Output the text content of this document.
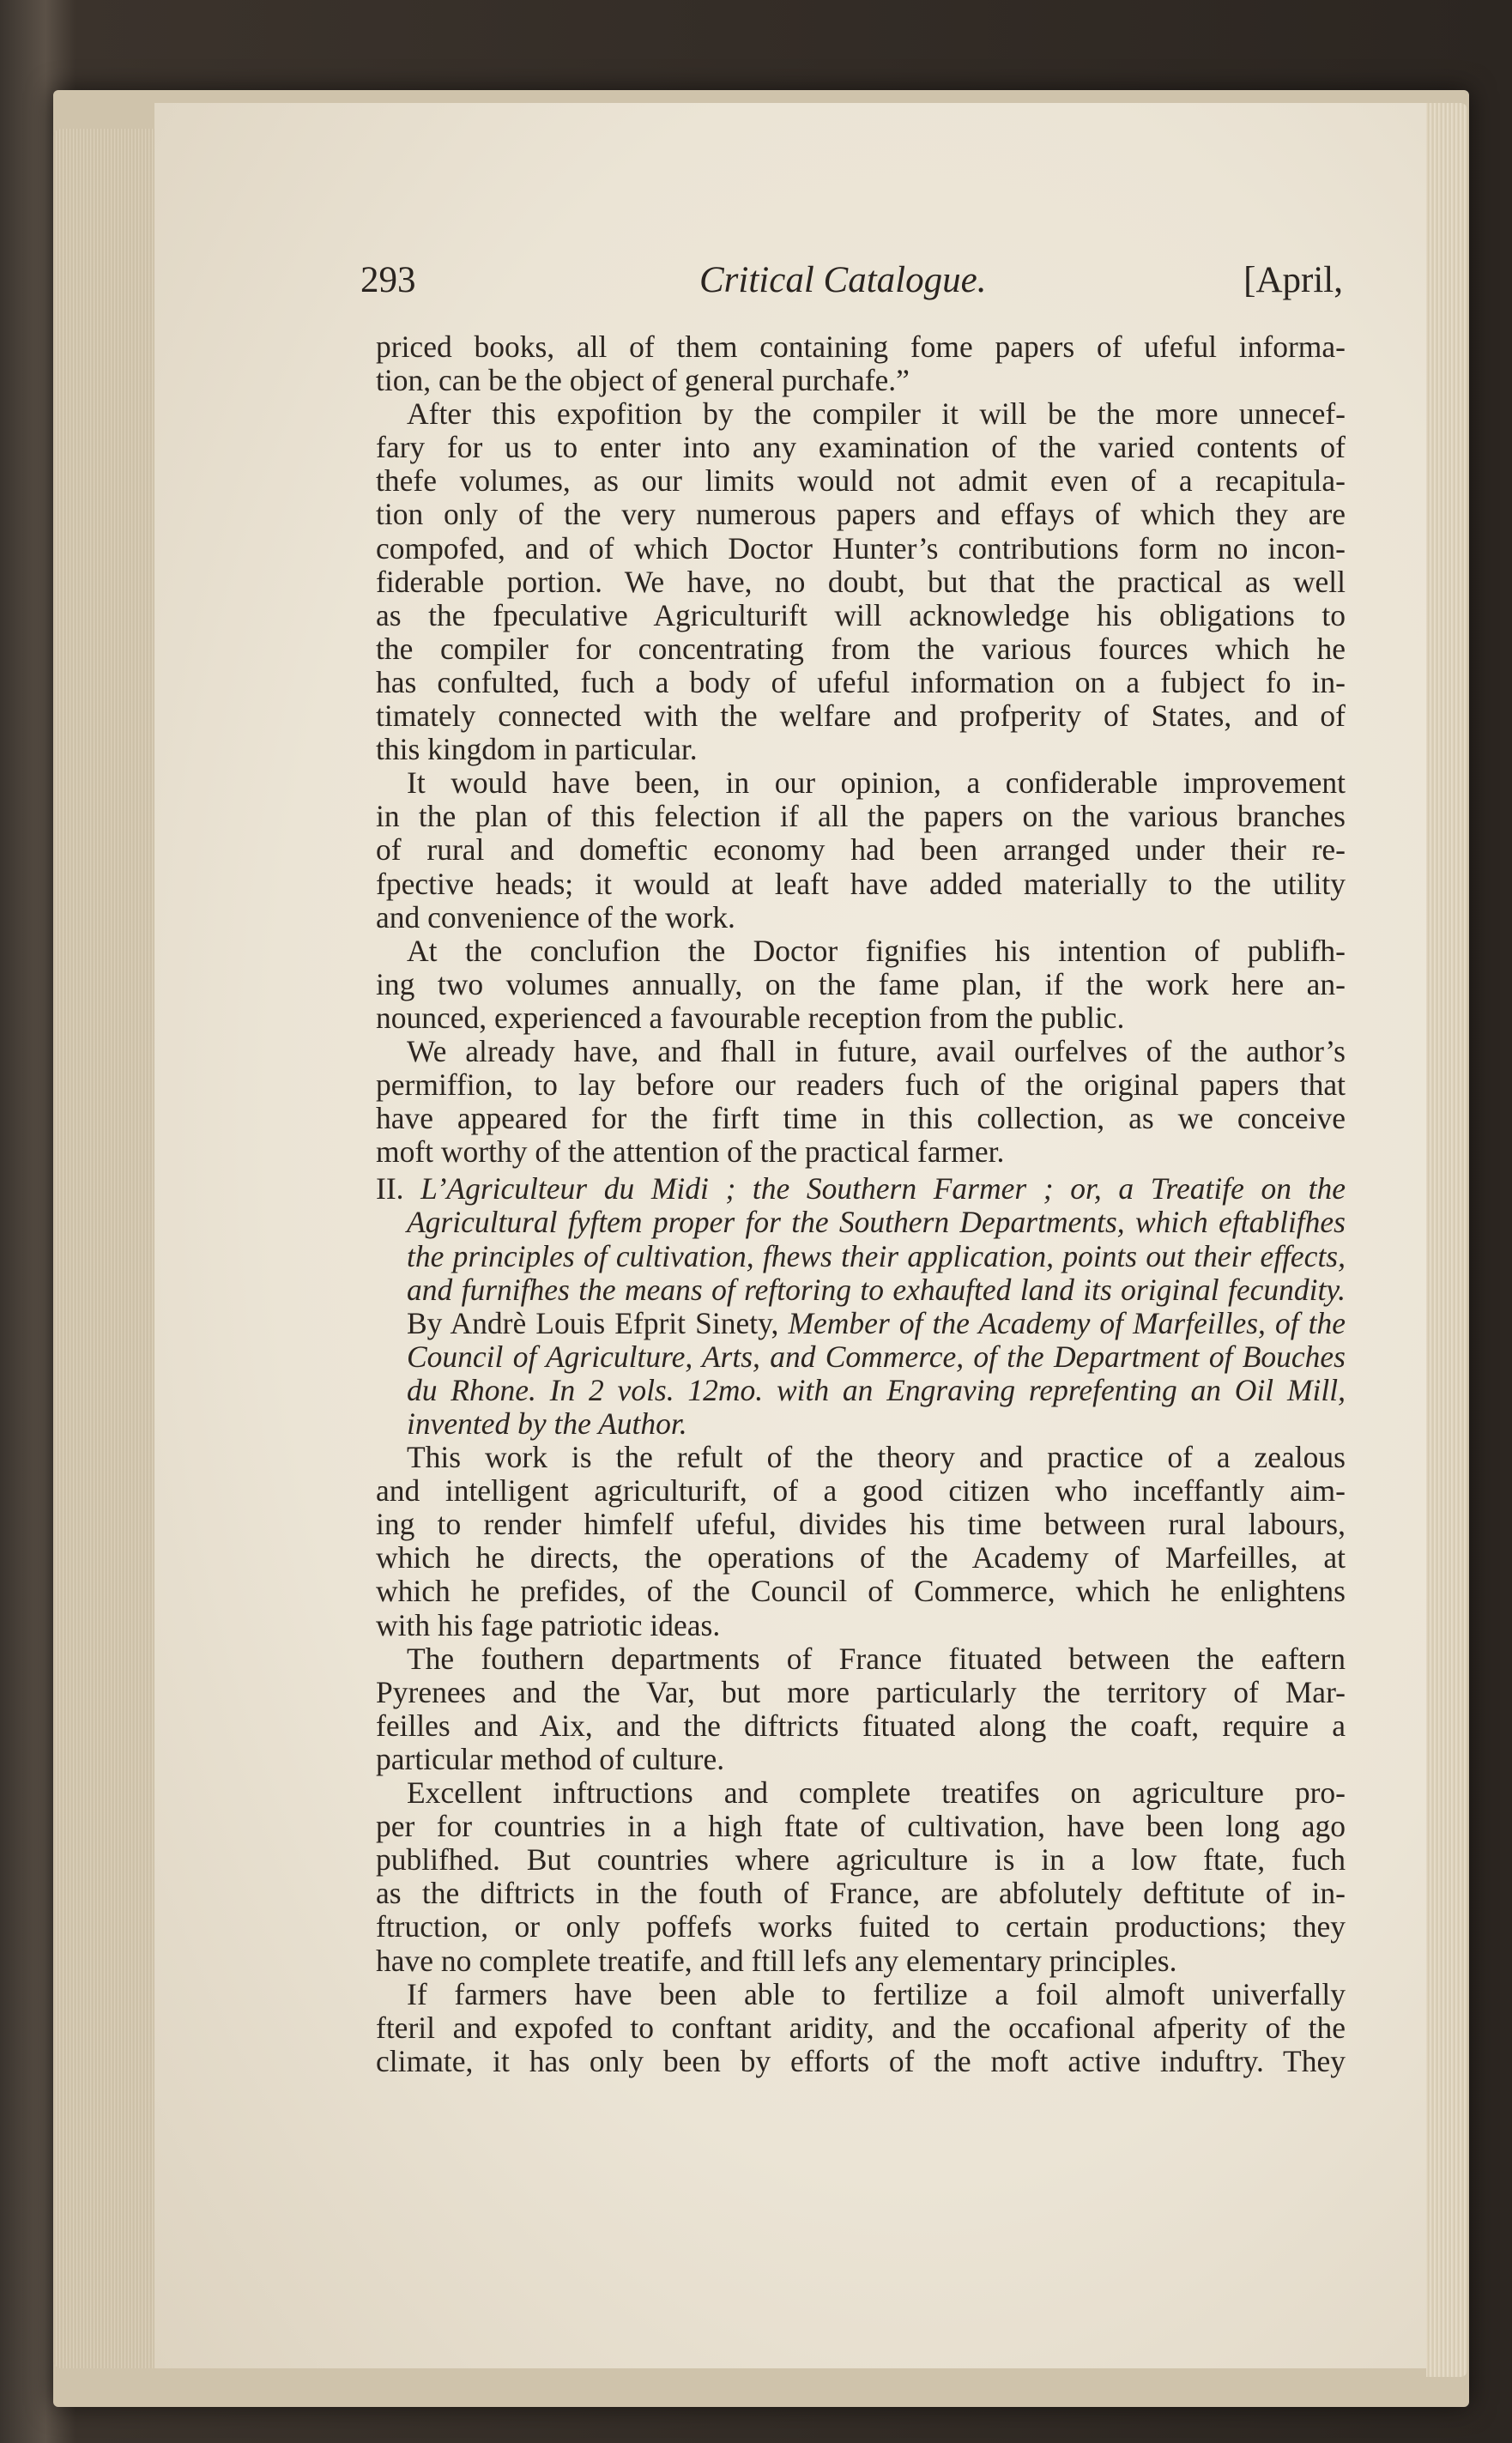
293	Critical Catalogue.	[April,

priced books, all of them containing fome papers of ufeful informa-

tion, can be the object of general purchafe.”

After this expofition by the compiler it will be the more unnecef-

fary for us to enter into any examination of the varied contents of

thefe volumes, as our limits would not admit even of a recapitula-

tion only of the very numerous papers and effays of which they are

compofed, and of which Doctor Hunter’s contributions form no incon-

fiderable portion. We have, no doubt, but that the practical as well

as the fpeculative Agriculturift will acknowledge his obligations to

the compiler for concentrating from the various fources which he

has confulted, fuch a body of ufeful information on a fubject fo in-

timately connected with the welfare and profperity of States, and of

this kingdom in particular.

It would have been, in our opinion, a confiderable improvement

in the plan of this felection if all the papers on the various branches

of rural and domeftic economy had been arranged under their re-

fpective heads; it would at leaft have added materially to the utility

and convenience of the work.

At the conclufion the Doctor fignifies his intention of publifh-

ing two volumes annually, on the fame plan, if the work here an-

nounced, experienced a favourable reception from the public.

We already have, and fhall in future, avail ourfelves of the author’s

permiffion, to lay before our readers fuch of the original papers that

have appeared for the firft time in this collection, as we conceive

moft worthy of the attention of the practical farmer.

II. L’Agriculteur du Midi ; the Southern Farmer ; or, a Treatife on the Agricultural fyftem proper for the Southern Departments, which eftablifhes the principles of cultivation, fhews their application, points out their effects, and furnifhes the means of reftoring to exhaufted land its original fecundity. By Andrè Louis Efprit Sinety, Member of the Academy of Marfeilles, of the Council of Agriculture, Arts, and Commerce, of the Department of Bouches du Rhone. In 2 vols. 12mo. with an Engraving reprefenting an Oil Mill, invented by the Author.

This work is the refult of the theory and practice of a zealous

and intelligent agriculturift, of a good citizen who inceffantly aim-

ing to render himfelf ufeful, divides his time between rural labours,

which he directs, the operations of the Academy of Marfeilles, at

which he prefides, of the Council of Commerce, which he enlightens

with his fage patriotic ideas.

The fouthern departments of France fituated between the eaftern

Pyrenees and the Var, but more particularly the territory of Mar-

feilles and Aix, and the diftricts fituated along the coaft, require a

particular method of culture.

Excellent inftructions and complete treatifes on agriculture pro-

per for countries in a high ftate of cultivation, have been long ago

publifhed. But countries where agriculture is in a low ftate, fuch

as the diftricts in the fouth of France, are abfolutely deftitute of in-

ftruction, or only poffefs works fuited to certain productions; they

have no complete treatife, and ftill lefs any elementary principles.

If farmers have been able to fertilize a foil almoft univerfally

fteril and expofed to conftant aridity, and the occafional afperity of the

climate, it has only been by efforts of the moft active induftry. They
